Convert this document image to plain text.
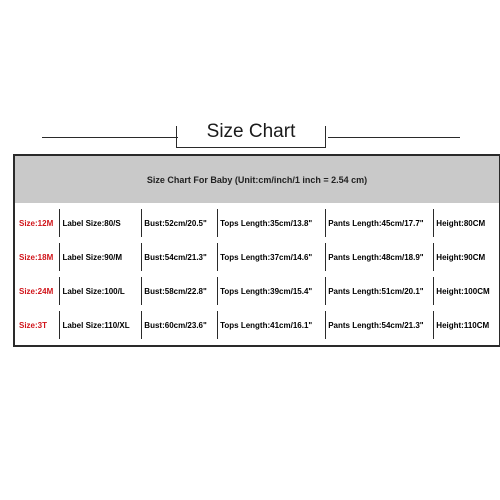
Size Chart
Size Chart For Baby (Unit:cm/inch/1 inch = 2.54 cm)					

Size:12M	Label Size:80/S	Bust:52cm/20.5"	Tops Length:35cm/13.8"	Pants Length:45cm/17.7"	Height:80CM

Size:18M	Label Size:90/M	Bust:54cm/21.3"	Tops Length:37cm/14.6"	Pants Length:48cm/18.9"	Height:90CM

Size:24M	Label Size:100/L	Bust:58cm/22.8"	Tops Length:39cm/15.4"	Pants Length:51cm/20.1"	Height:100CM

Size:3T	Label Size:110/XL	Bust:60cm/23.6"	Tops Length:41cm/16.1"	Pants Length:54cm/21.3"	Height:110CM
